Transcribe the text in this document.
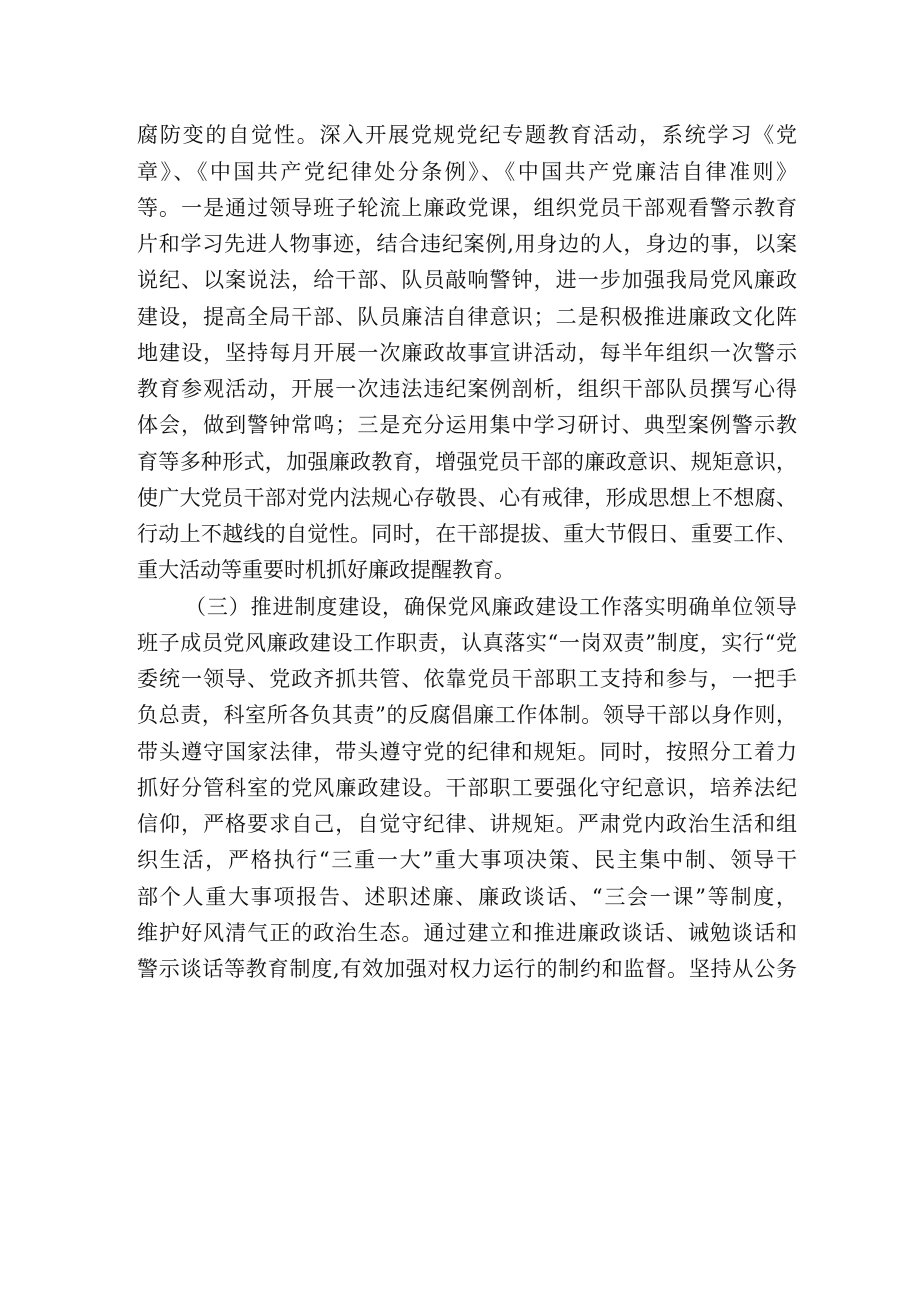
腐防变的自觉性。深入开展党规党纪专题教育活动，系统学习《党
章》、《中国共产党纪律处分条例》、《中国共产党廉洁自律准则》
等。一是通过领导班子轮流上廉政党课，组织党员干部观看警示教育
片和学习先进人物事迹，结合违纪案例,用身边的人，身边的事，以案
说纪、以案说法，给干部、队员敲响警钟，进一步加强我局党风廉政
建设，提高全局干部、队员廉洁自律意识；二是积极推进廉政文化阵
地建设，坚持每月开展一次廉政故事宣讲活动，每半年组织一次警示
教育参观活动，开展一次违法违纪案例剖析，组织干部队员撰写心得
体会，做到警钟常鸣；三是充分运用集中学习研讨、典型案例警示教
育等多种形式，加强廉政教育，增强党员干部的廉政意识、规矩意识，
使广大党员干部对党内法规心存敬畏、心有戒律，形成思想上不想腐、
行动上不越线的自觉性。同时，在干部提拔、重大节假日、重要工作、
重大活动等重要时机抓好廉政提醒教育。
（三）推进制度建设，确保党风廉政建设工作落实明确单位领导
班子成员党风廉政建设工作职责，认真落实“一岗双责”制度，实行“党
委统一领导、党政齐抓共管、依靠党员干部职工支持和参与，一把手
负总责，科室所各负其责”的反腐倡廉工作体制。领导干部以身作则，
带头遵守国家法律，带头遵守党的纪律和规矩。同时，按照分工着力
抓好分管科室的党风廉政建设。干部职工要强化守纪意识，培养法纪
信仰，严格要求自己，自觉守纪律、讲规矩。严肃党内政治生活和组
织生活，严格执行“三重一大”重大事项决策、民主集中制、领导干
部个人重大事项报告、述职述廉、廉政谈话、“三会一课”等制度，
维护好风清气正的政治生态。通过建立和推进廉政谈话、诫勉谈话和
警示谈话等教育制度,有效加强对权力运行的制约和监督。坚持从公务
